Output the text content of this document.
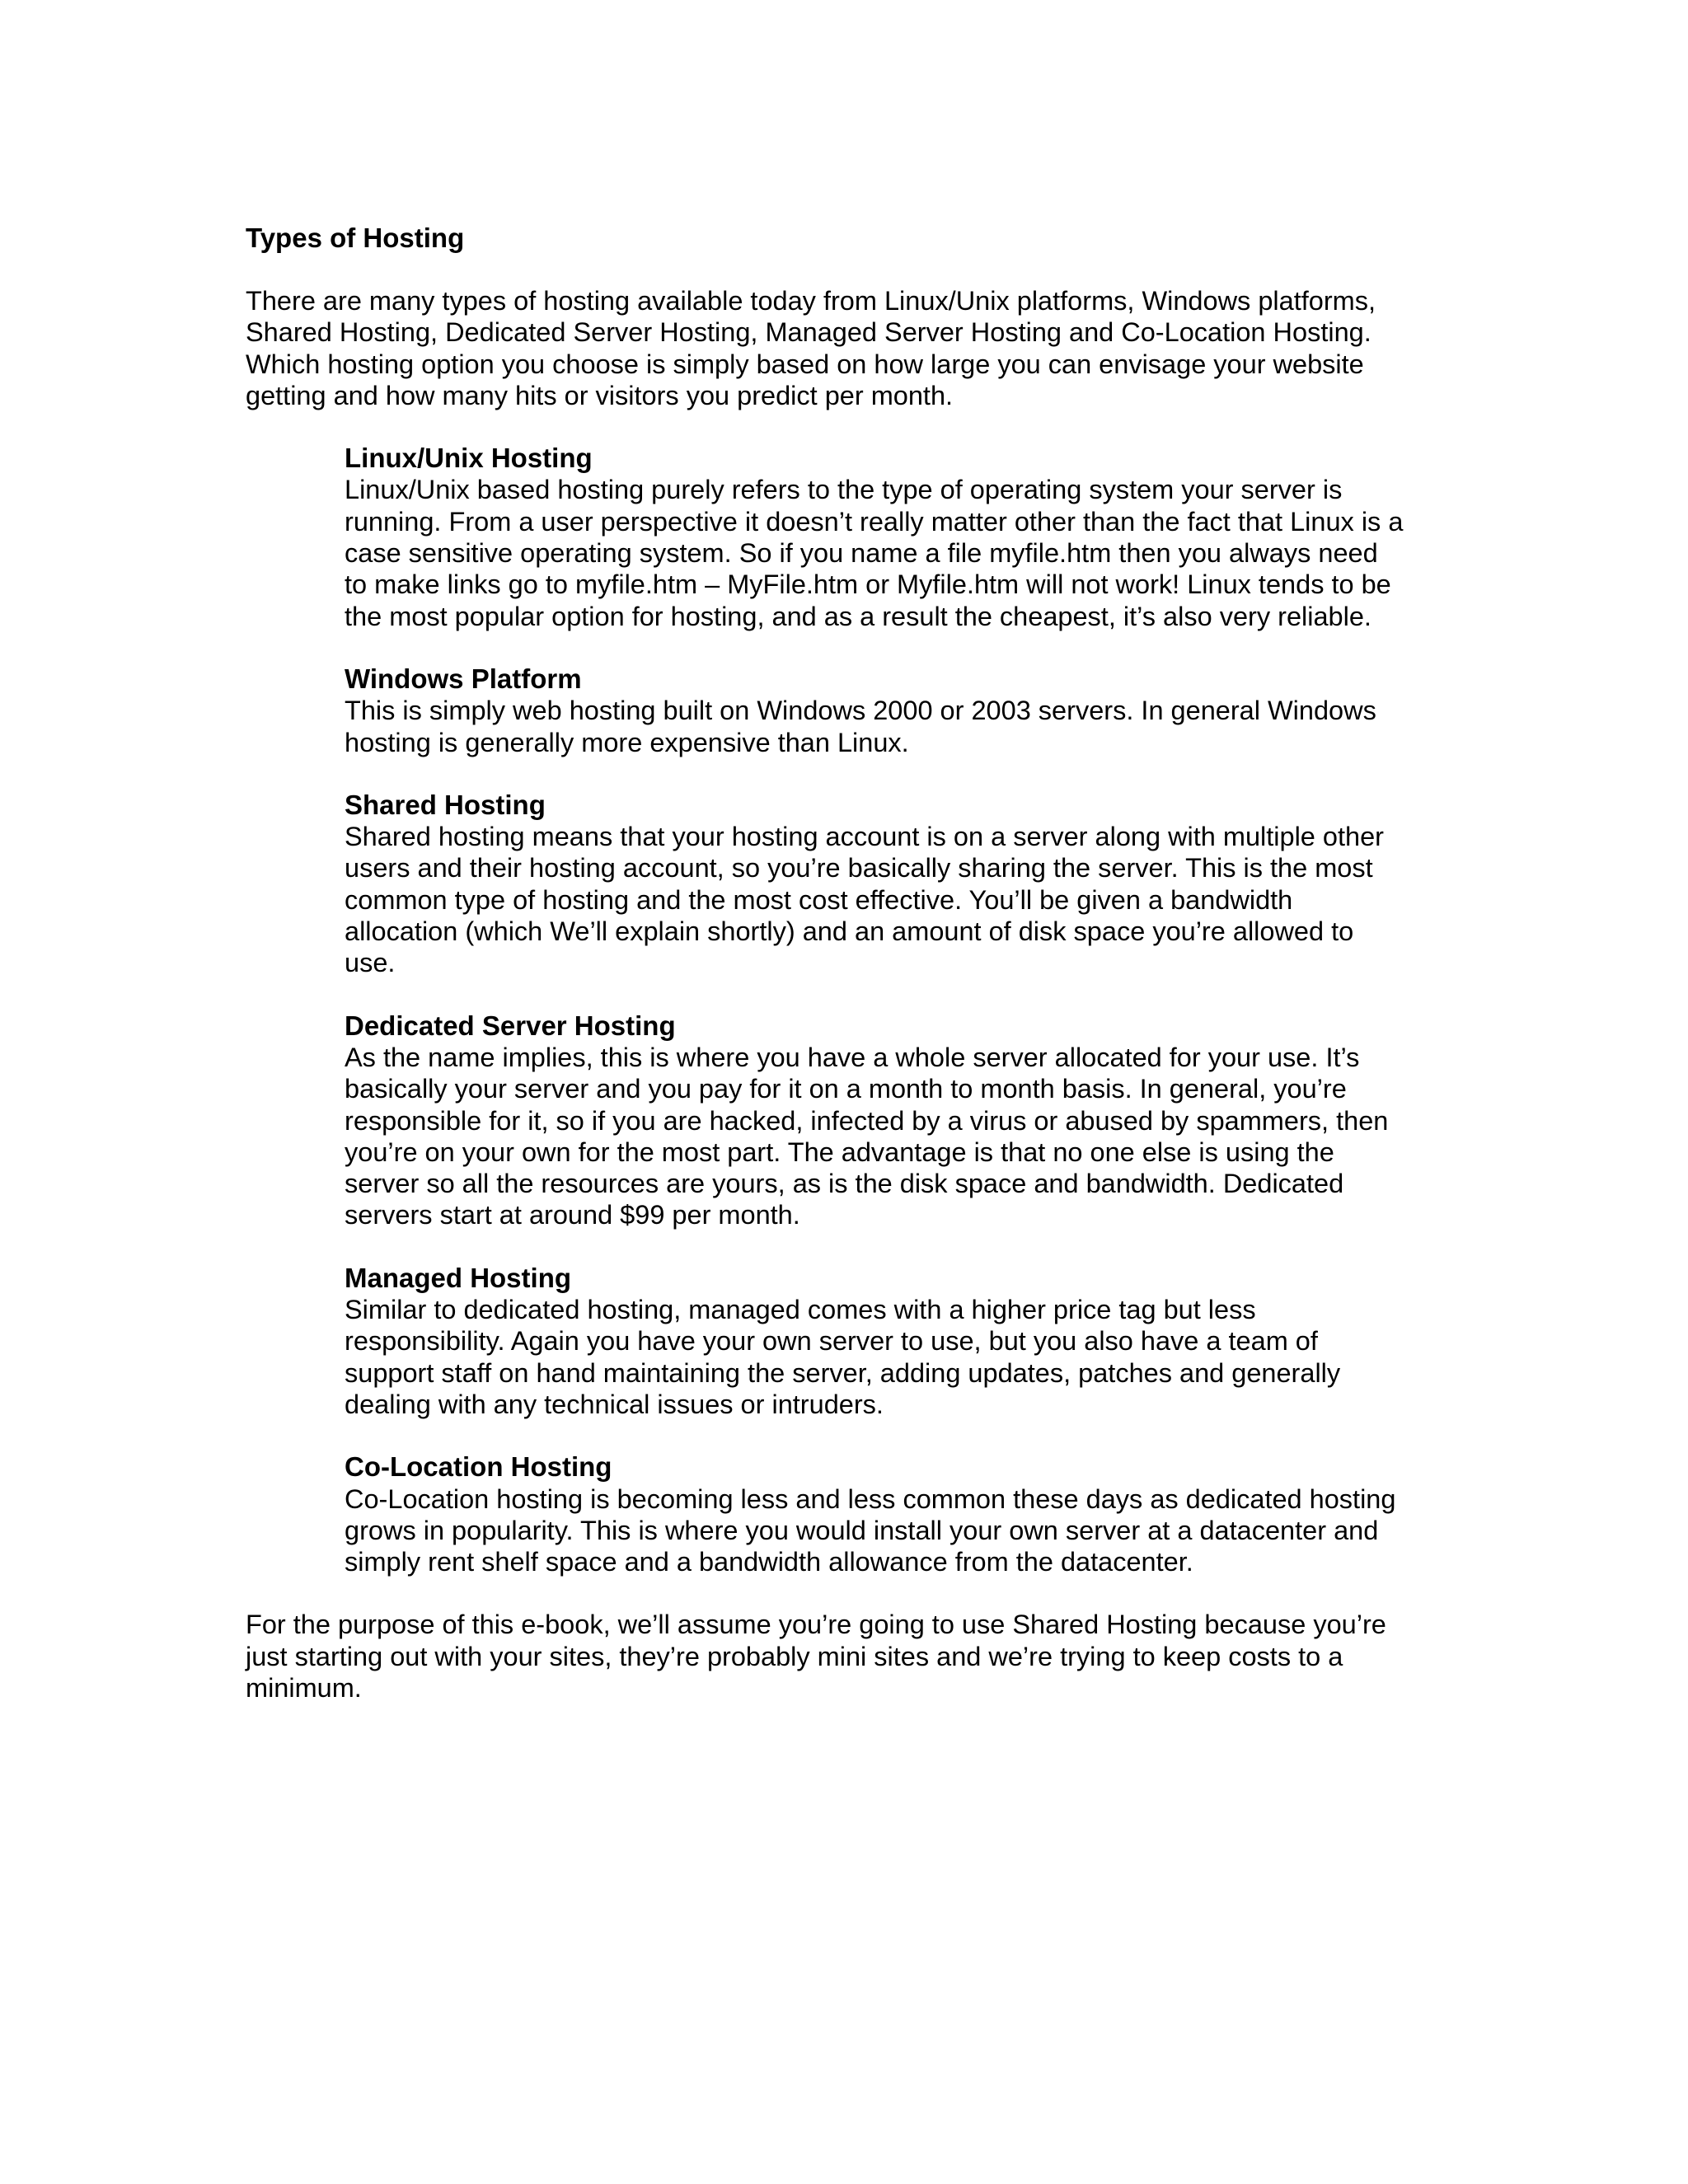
Types of Hosting

There are many types of hosting available today from Linux/Unix platforms, Windows platforms,
Shared Hosting, Dedicated Server Hosting, Managed Server Hosting and Co-Location Hosting.
Which hosting option you choose is simply based on how large you can envisage your website
getting and how many hits or visitors you predict per month.

Linux/Unix Hosting

Linux/Unix based hosting purely refers to the type of operating system your server is
running. From a user perspective it doesn’t really matter other than the fact that Linux is a
case sensitive operating system. So if you name a file myfile.htm then you always need
to make links go to myfile.htm – MyFile.htm or Myfile.htm will not work! Linux tends to be
the most popular option for hosting, and as a result the cheapest, it’s also very reliable.

Windows Platform

This is simply web hosting built on Windows 2000 or 2003 servers. In general Windows
hosting is generally more expensive than Linux.

Shared Hosting

Shared hosting means that your hosting account is on a server along with multiple other
users and their hosting account, so you’re basically sharing the server. This is the most
common type of hosting and the most cost effective. You’ll be given a bandwidth
allocation (which We’ll explain shortly) and an amount of disk space you’re allowed to
use.

Dedicated Server Hosting

As the name implies, this is where you have a whole server allocated for your use. It’s
basically your server and you pay for it on a month to month basis. In general, you’re
responsible for it, so if you are hacked, infected by a virus or abused by spammers, then
you’re on your own for the most part. The advantage is that no one else is using the
server so all the resources are yours, as is the disk space and bandwidth. Dedicated
servers start at around $99 per month.

Managed Hosting

Similar to dedicated hosting, managed comes with a higher price tag but less
responsibility. Again you have your own server to use, but you also have a team of
support staff on hand maintaining the server, adding updates, patches and generally
dealing with any technical issues or intruders.

Co-Location Hosting

Co-Location hosting is becoming less and less common these days as dedicated hosting
grows in popularity. This is where you would install your own server at a datacenter and
simply rent shelf space and a bandwidth allowance from the datacenter.

For the purpose of this e-book, we’ll assume you’re going to use Shared Hosting because you’re
just starting out with your sites, they’re probably mini sites and we’re trying to keep costs to a
minimum.
